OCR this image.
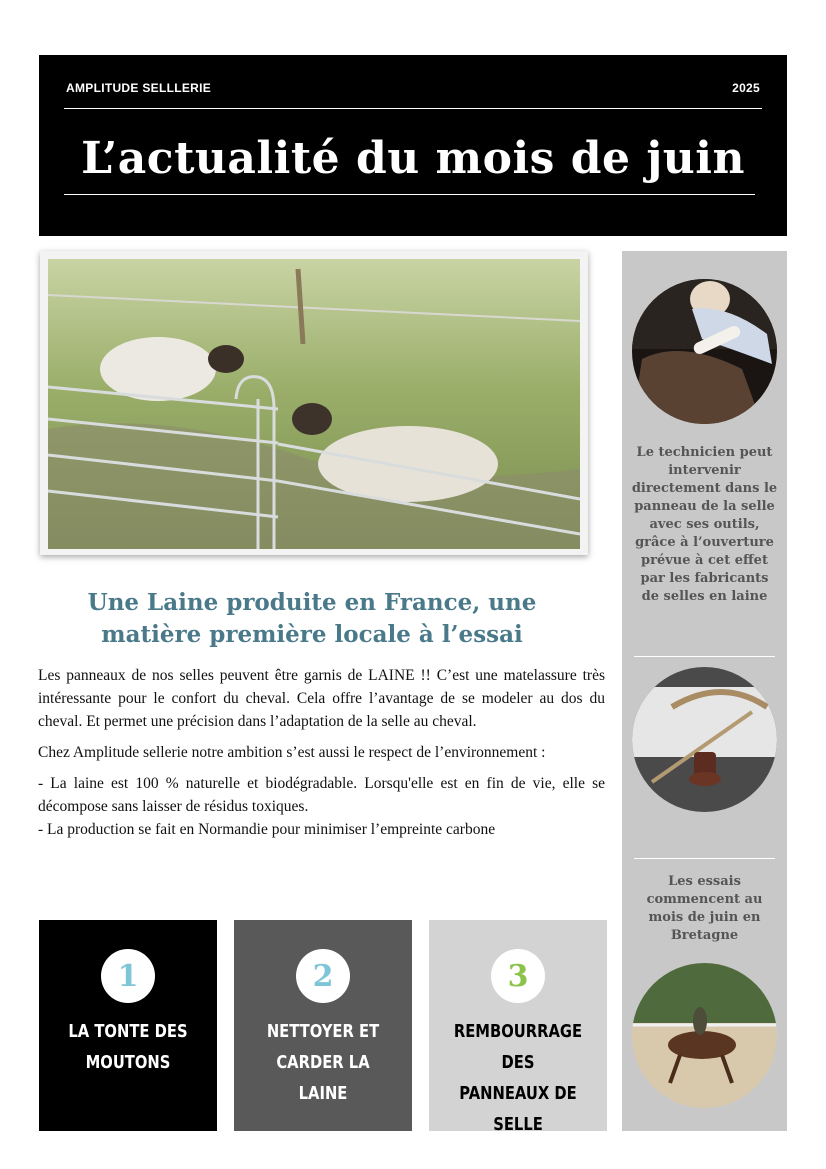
AMPLITUDE SELLLERIE	2025
L’actualité du mois de juin
Une Laine produite en France, une matière première locale à l’essai

Les panneaux de nos selles peuvent être garnis de LAINE !! C’est une matelassure très intéressante pour le confort du cheval. Cela offre l’avantage de se modeler au dos du cheval. Et permet une précision dans l’adaptation de la selle au cheval.

Chez Amplitude sellerie notre ambition s’est aussi le respect de l’environnement :

- La laine est 100 % naturelle et biodégradable. Lorsqu'elle est en fin de vie, elle se décompose sans laisser de résidus toxiques.
- La production se fait en Normandie pour minimiser l’empreinte carbone
1
LA TONTE DES
MOUTONS
2
NETTOYER ET
CARDER LA LAINE
3
REMBOURRAGE DES
PANNEAUX DE SELLE
Le technicien peut intervenir directement dans le panneau de la selle avec ses outils, grâce à l’ouverture prévue à cet effet par les fabricants de selles en laine
Les essais commencent au mois de juin en Bretagne
